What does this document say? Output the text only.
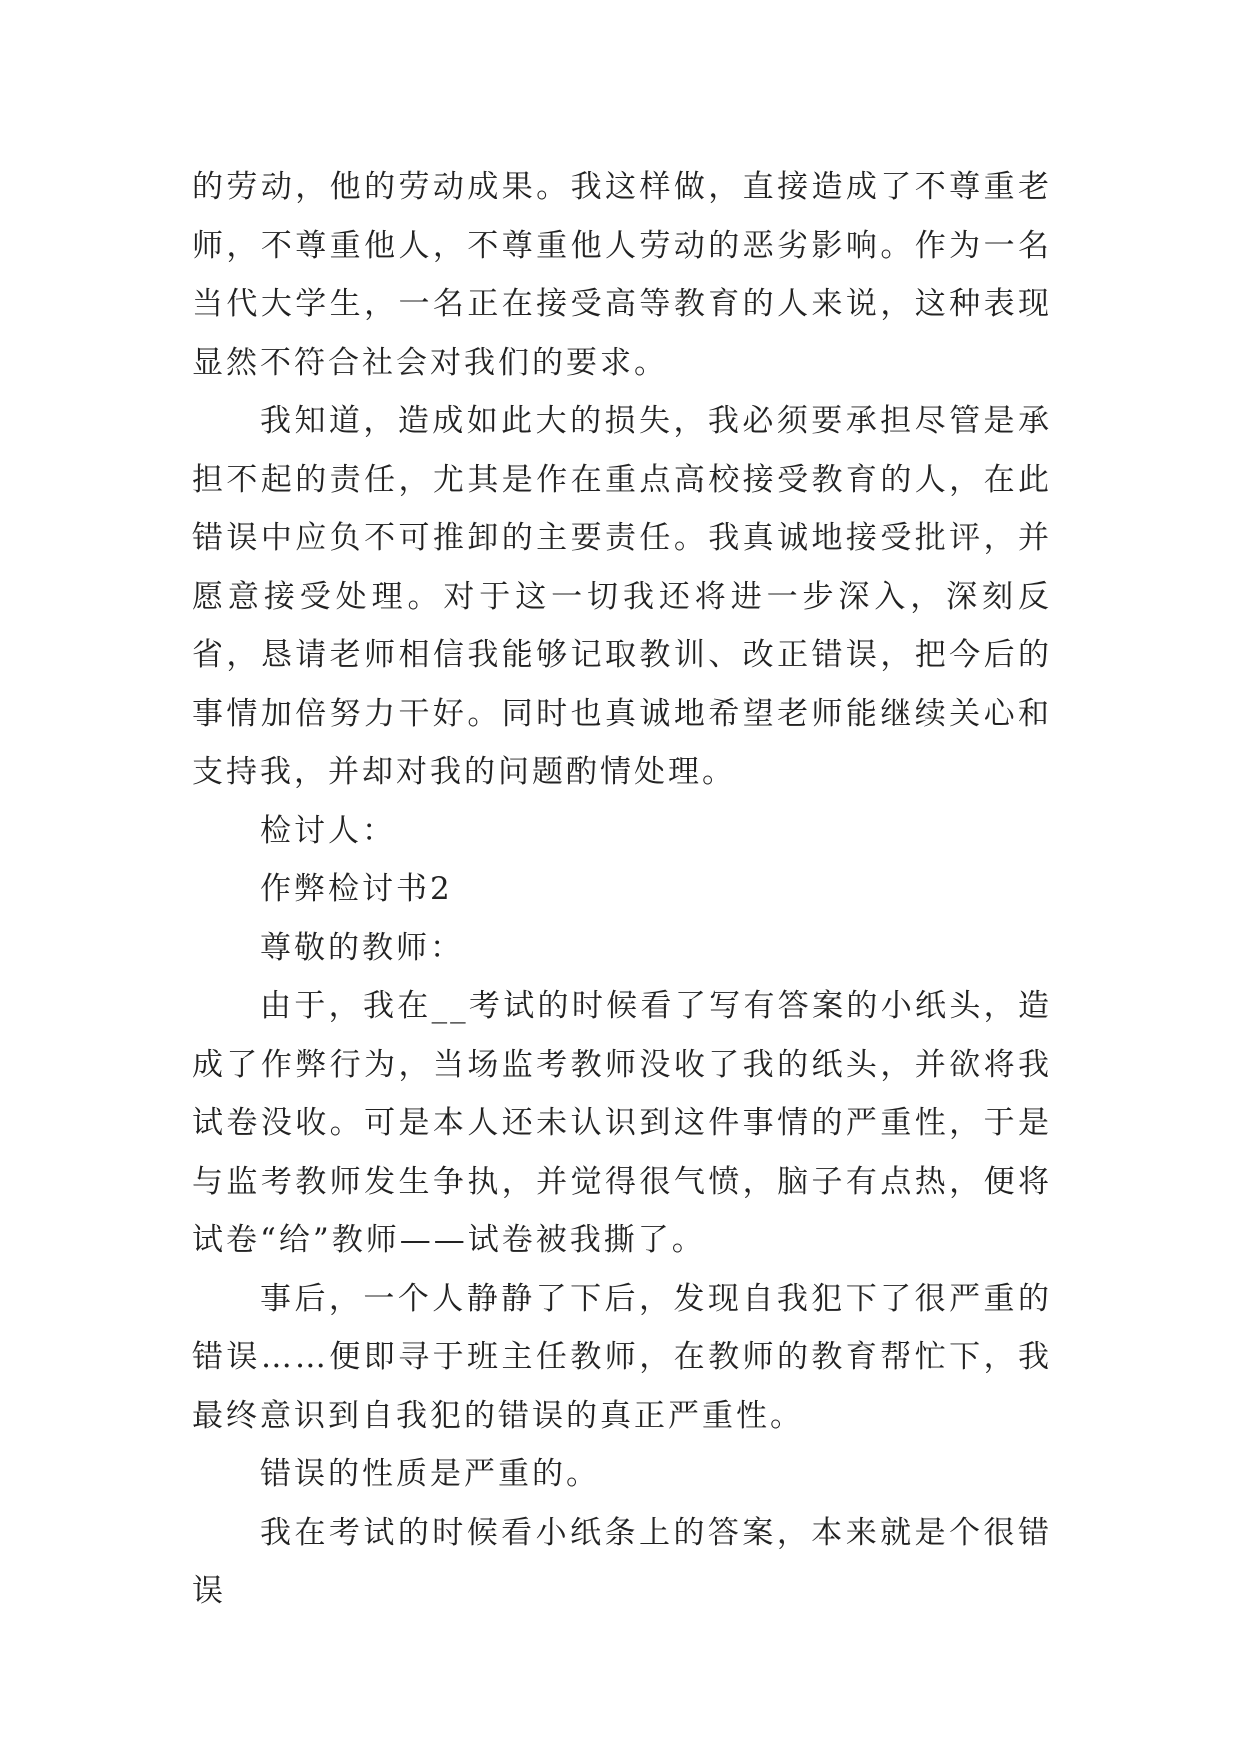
的劳动，他的劳动成果。我这样做，直接造成了不尊重老师，不尊重他人，不尊重他人劳动的恶劣影响。作为一名当代大学生，一名正在接受高等教育的人来说，这种表现显然不符合社会对我们的要求。

我知道，造成如此大的损失，我必须要承担尽管是承担不起的责任，尤其是作在重点高校接受教育的人，在此错误中应负不可推卸的主要责任。我真诚地接受批评，并愿意接受处理。对于这一切我还将进一步深入，深刻反省，恳请老师相信我能够记取教训、改正错误，把今后的事情加倍努力干好。同时也真诚地希望老师能继续关心和支持我，并却对我的问题酌情处理。

检讨人：

作弊检讨书2

尊敬的教师：

由于，我在__考试的时候看了写有答案的小纸头，造成了作弊行为，当场监考教师没收了我的纸头，并欲将我试卷没收。可是本人还未认识到这件事情的严重性，于是与监考教师发生争执，并觉得很气愤，脑子有点热，便将试卷“给”教师——试卷被我撕了。

事后，一个人静静了下后，发现自我犯下了很严重的错误……便即寻于班主任教师，在教师的教育帮忙下，我最终意识到自我犯的错误的真正严重性。

错误的性质是严重的。

我在考试的时候看小纸条上的答案，本来就是个很错误
